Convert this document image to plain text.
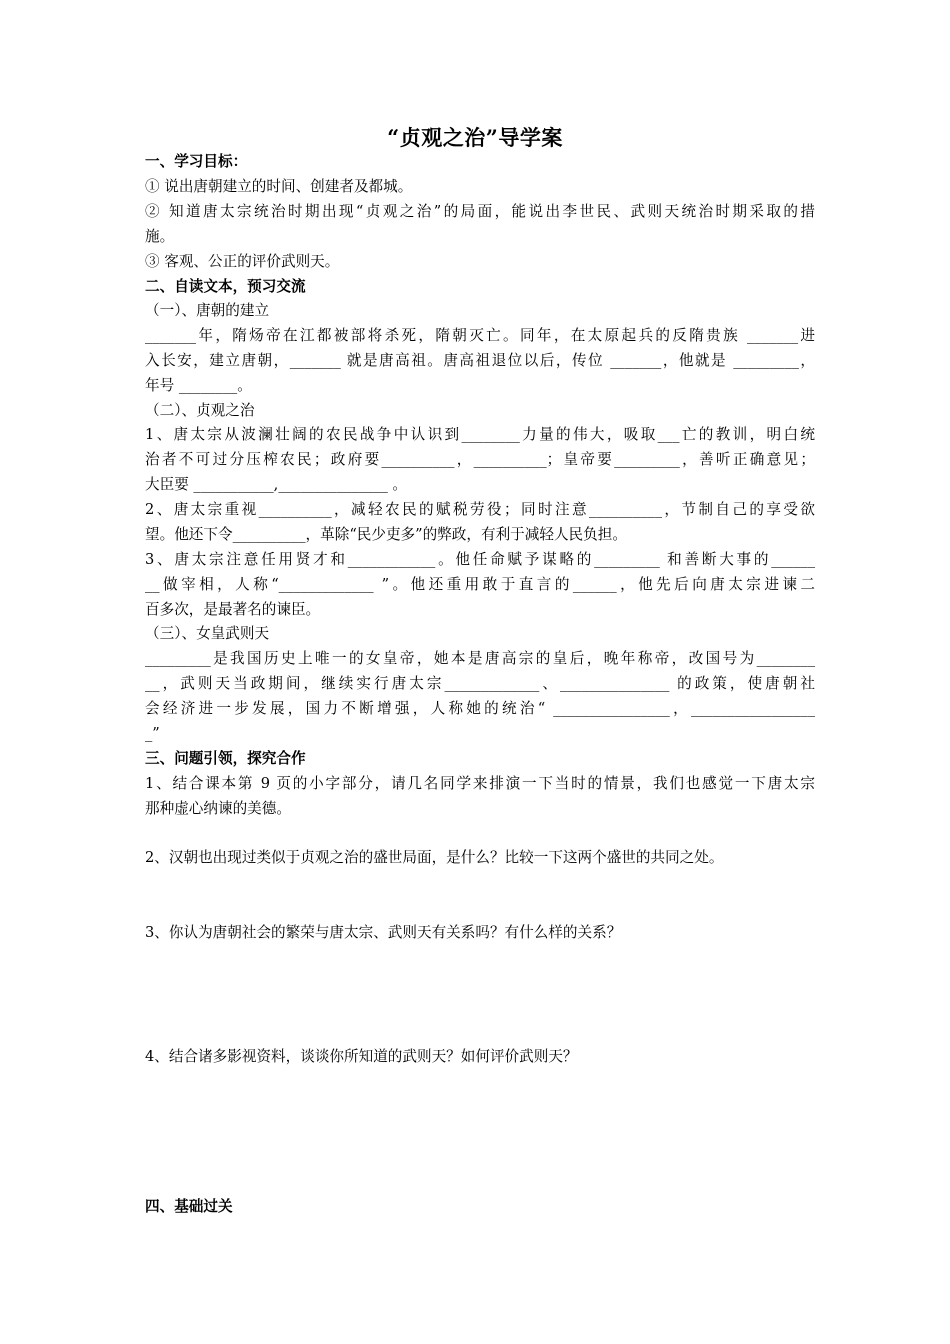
“贞观之治”导学案
一、学习目标：
① 说出唐朝建立的时间、创建者及都城。
② 知道唐太宗统治时期出现“贞观之治”的局面，能说出李世民、武则天统治时期采取的措
施。
③ 客观、公正的评价武则天。
二、自读文本，预习交流
（一）、唐朝的建立
_______年，隋炀帝在江都被部将杀死，隋朝灭亡。同年，在太原起兵的反隋贵族 _______进
入长安，建立唐朝，_______ 就是唐高祖。唐高祖退位以后，传位 _______，他就是 _________，
年号 ________。
（二）、贞观之治
1、唐太宗从波澜壮阔的农民战争中认识到________力量的伟大，吸取___亡的教训，明白统
治者不可过分压榨农民；政府要__________，__________；皇帝要_________，善听正确意见；
大臣要 ___________,_______________ 。
2、唐太宗重视__________，减轻农民的赋税劳役；同时注意__________，节制自己的享受欲
望。他还下令__________，革除“民少吏多”的弊政，有利于减轻人民负担。
3、唐太宗注意任用贤才和____________。他任命赋予谋略的_________ 和善断大事的______
__做宰相，人称“_____________ ”。他还重用敢于直言的______，他先后向唐太宗进谏二
百多次，是最著名的谏臣。
（三）、女皇武则天
_________是我国历史上唯一的女皇帝，她本是唐高宗的皇后，晚年称帝，改国号为________
__，武则天当政期间，继续实行唐太宗_____________、_______________ 的政策，使唐朝社
会经济进一步发展，国力不断增强，人称她的统治“ ________________，_________________
_”
三、问题引领，探究合作
1、结合课本第 9 页的小字部分，请几名同学来排演一下当时的情景，我们也感觉一下唐太宗
那种虚心纳谏的美德。
2、汉朝也出现过类似于贞观之治的盛世局面，是什么？比较一下这两个盛世的共同之处。
3、你认为唐朝社会的繁荣与唐太宗、武则天有关系吗？有什么样的关系？
4、结合诸多影视资料，谈谈你所知道的武则天？如何评价武则天？
四、基础过关
